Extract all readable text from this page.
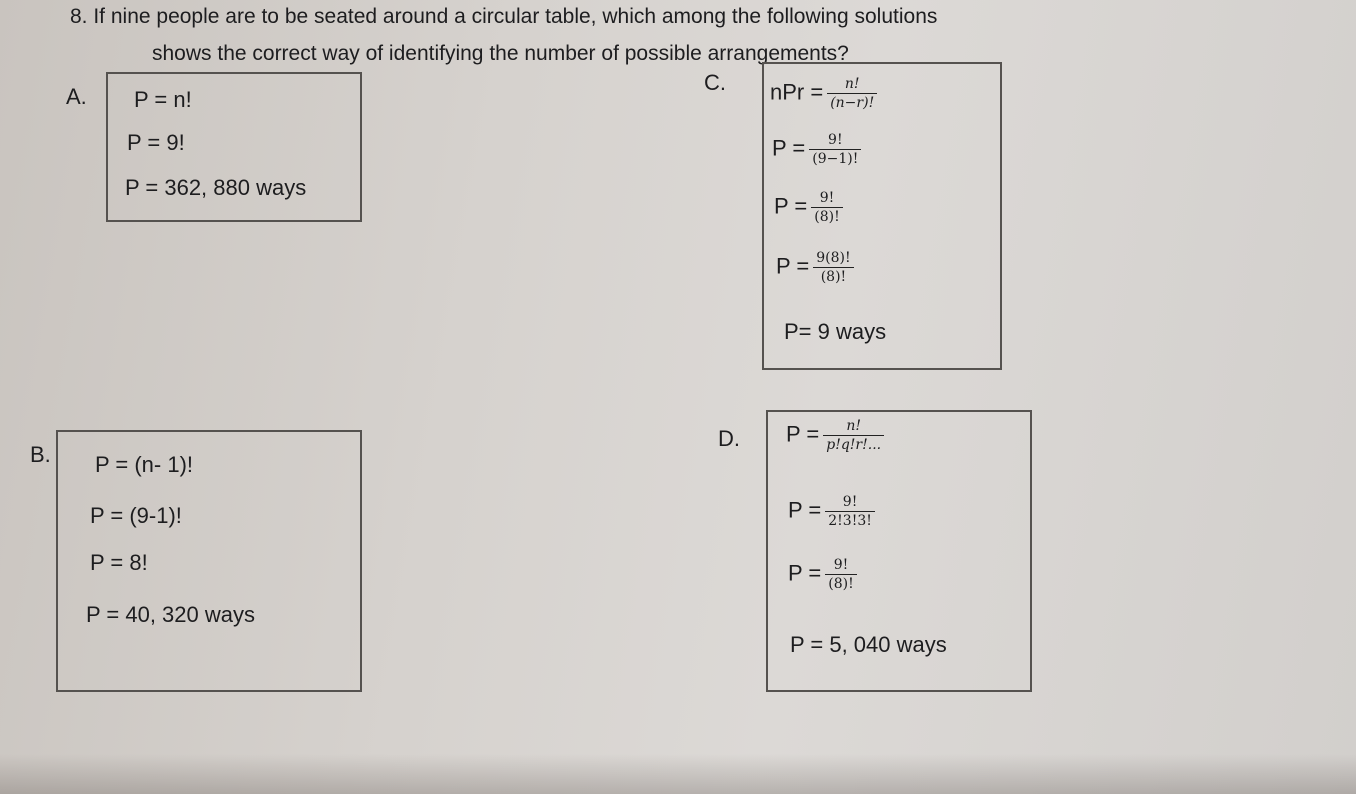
8. If nine people are to be seated around a circular table, which among the following solutions
shows the correct way of identifying the number of possible arrangements?
A. P = n!
P = 9!
P = 362, 880 ways
C. nPr = $\frac{n!}{(n-r)!}$
$P = \frac{9!}{(9-1)!}$
$P = \frac{9!}{(8)!}$
$P = \frac{9(8)!}{(8)!}$
P= 9 ways
B. P = (n- 1)!
P = (9-1)!
P = 8!
P = 40, 320 ways
D. $P = \frac{n!}{p!q!r!...}$
$P = \frac{9!}{2!3!3!}$
$P = \frac{9!}{(8)!}$
P = 5, 040 ways
